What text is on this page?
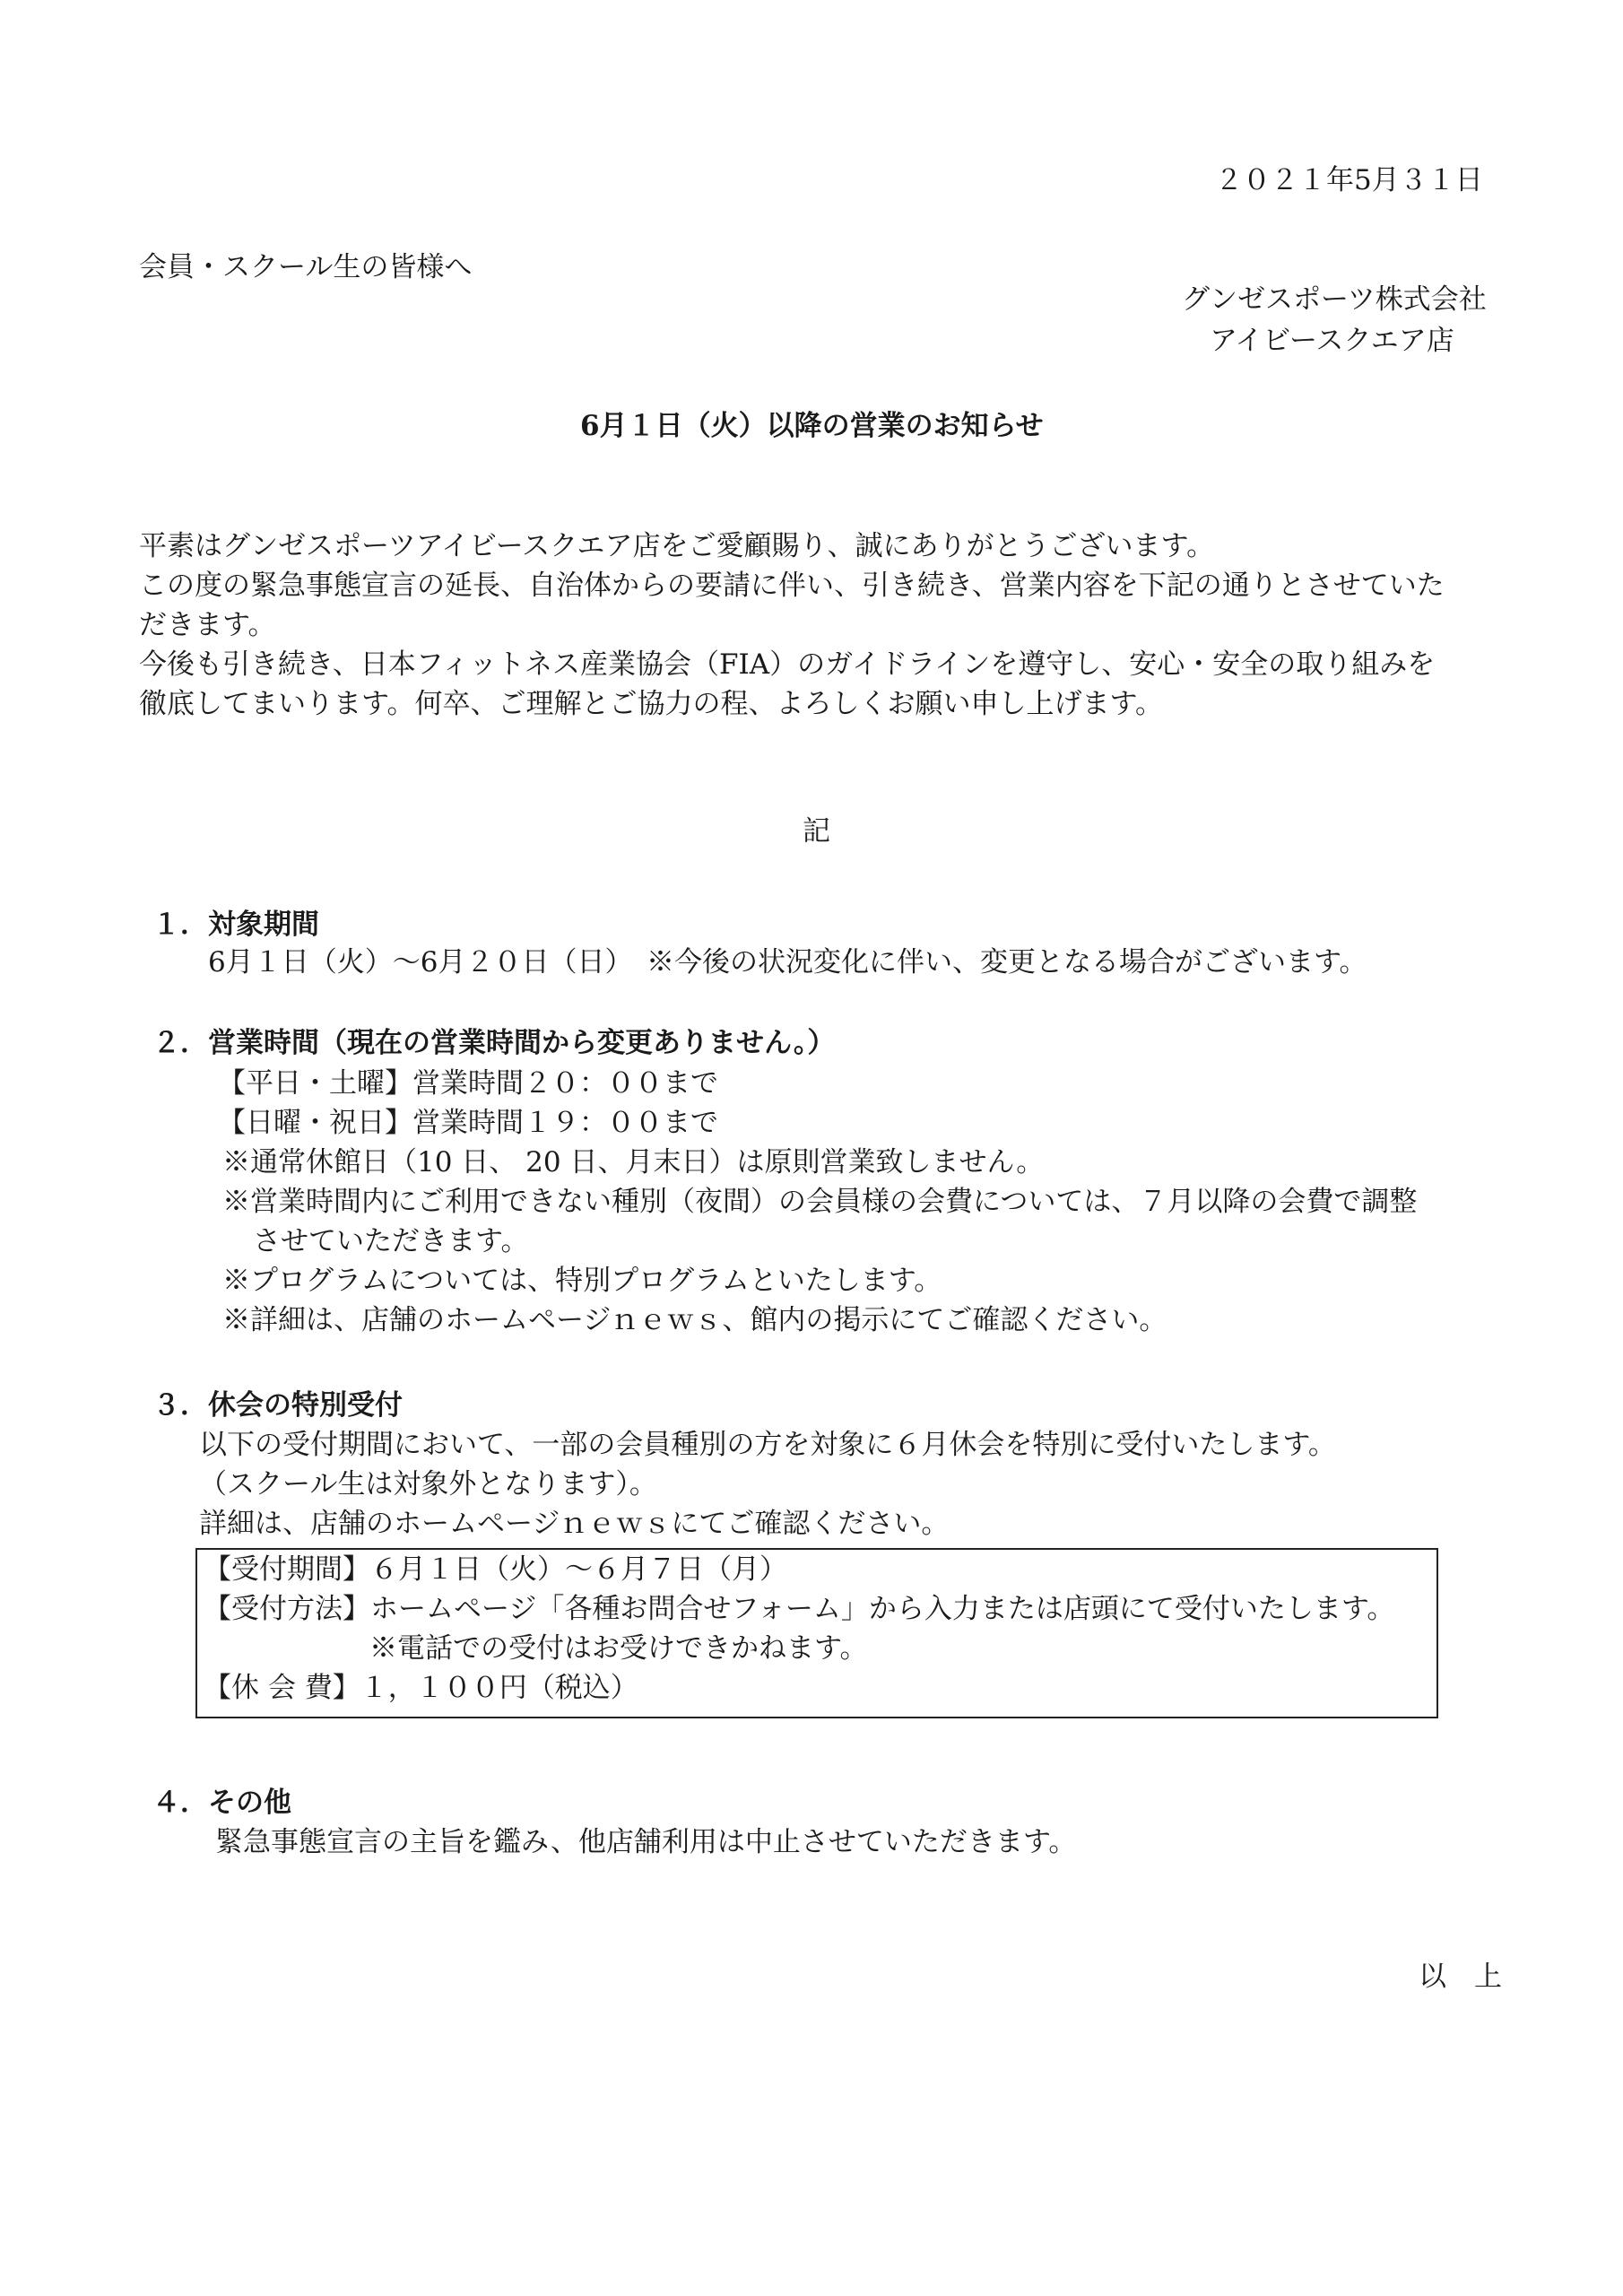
２０２１年5月３１日

会員・スクール生の皆様へ

グンゼスポーツ株式会社

アイビースクエア店

6月１日（火）以降の営業のお知らせ

平素はグンゼスポーツアイビースクエア店をご愛顧賜り、誠にありがとうございます。

この度の緊急事態宣言の延長、自治体からの要請に伴い、引き続き、営業内容を下記の通りとさせていた

だきます。

今後も引き続き、日本フィットネス産業協会（FIA）のガイドラインを遵守し、安心・安全の取り組みを

徹底してまいります。何卒、ご理解とご協力の程、よろしくお願い申し上げます。

記

１．対象期間

6月１日（火）～6月２０日（日）　※今後の状況変化に伴い、変更となる場合がございます。

２．営業時間（現在の営業時間から変更ありません。）

【平日・土曜】営業時間２０：００まで

【日曜・祝日】営業時間１９：００まで

※通常休館日（10 日、 20 日、月末日）は原則営業致しません。

※営業時間内にご利用できない種別（夜間）の会員様の会費については、７月以降の会費で調整

させていただきます。

※プログラムについては、特別プログラムといたします。

※詳細は、店舗のホームページｎｅｗｓ、館内の掲示にてご確認ください。

３．休会の特別受付

以下の受付期間において、一部の会員種別の方を対象に６月休会を特別に受付いたします。

（スクール生は対象外となります）。

詳細は、店舗のホームページｎｅｗｓにてご確認ください。

【受付期間】６月１日（火）～６月７日（月）

【受付方法】ホームページ「各種お問合せフォーム」から入力または店頭にて受付いたします。

※電話での受付はお受けできかねます。

【休 会 費】１，１００円（税込）

４．その他

緊急事態宣言の主旨を鑑み、他店舗利用は中止させていただきます。

以　上
